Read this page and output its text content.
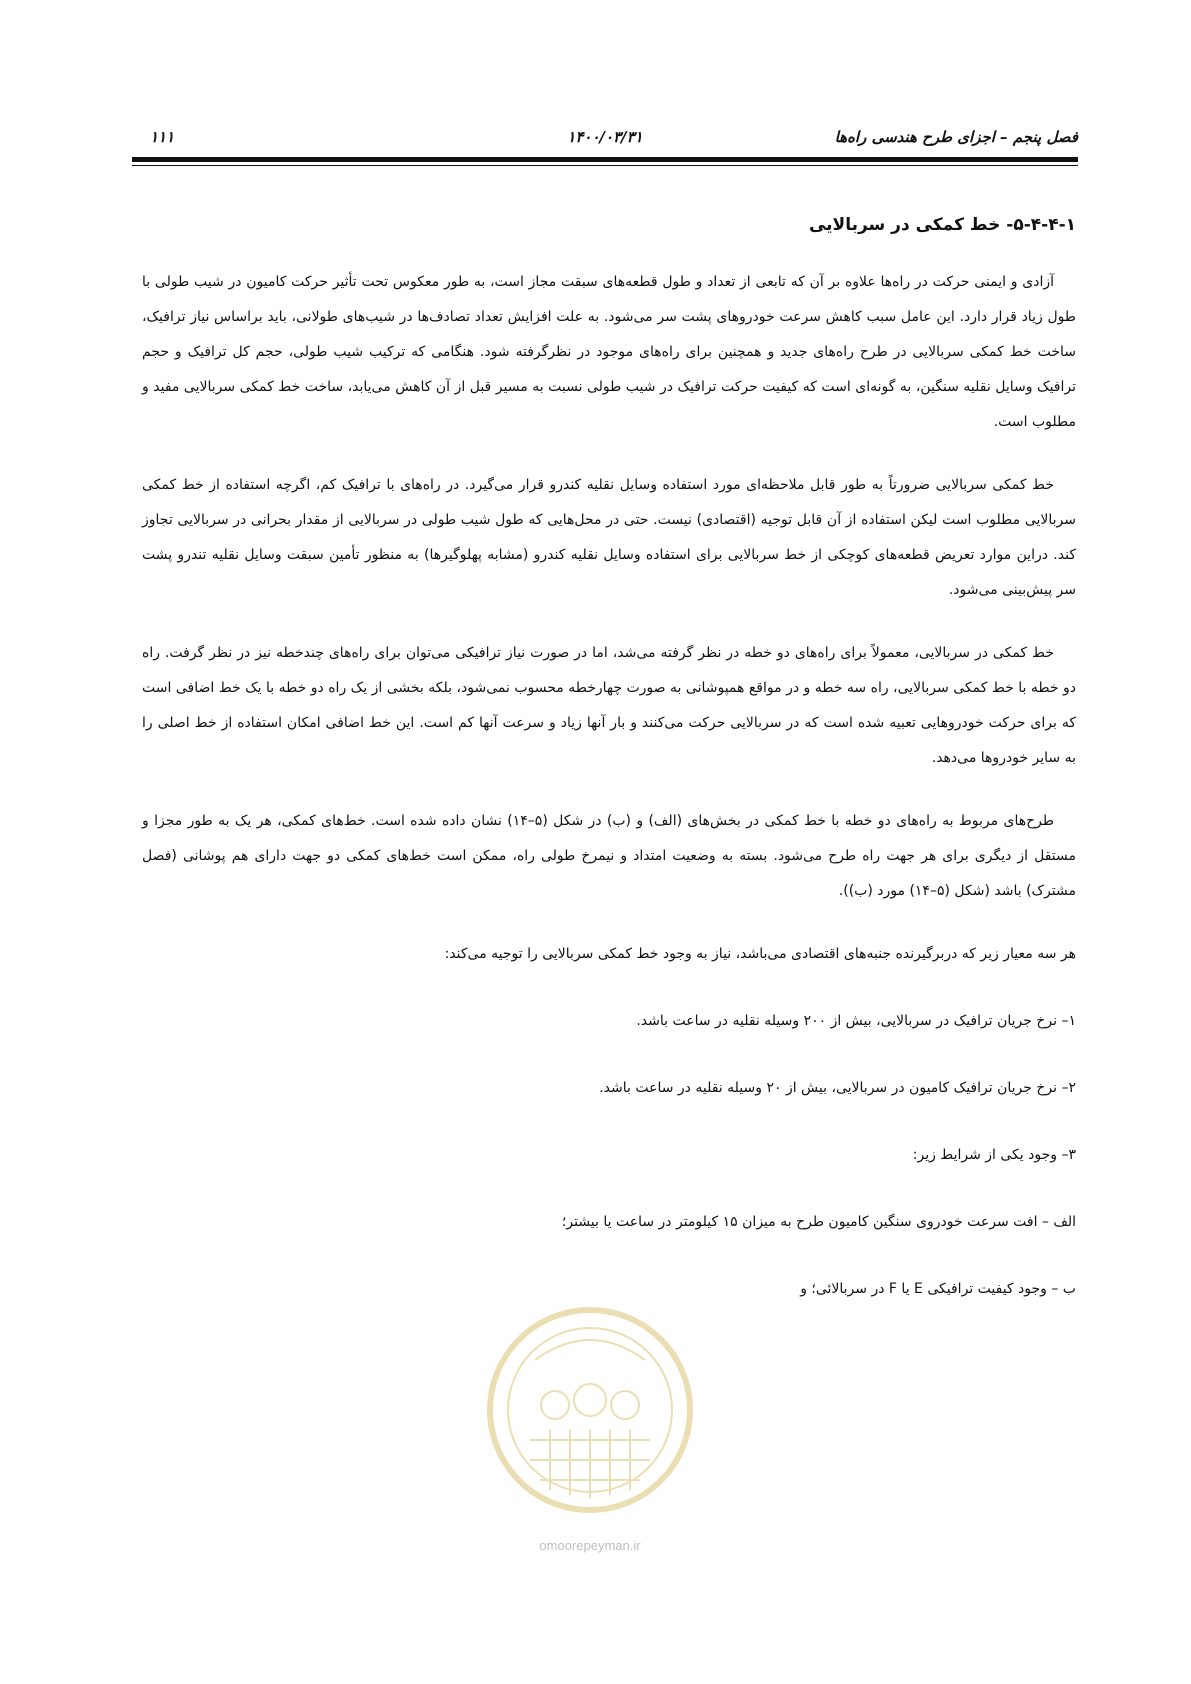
فصل پنجم – اجزای طرح هندسی راه‌ها
۱۴۰۰/۰۳/۳۱
۱۱۱
۵-۴-۴-۱- خط کمکی در سربالایی

آزادی و ایمنی حرکت در راه‌ها علاوه بر آن که تابعی از تعداد و طول قطعه‌های سبقت مجاز است، به طور معکوس تحت تأثیر حرکت کامیون در شیب طولی با طول زیاد قرار دارد. این عامل سبب کاهش سرعت خودروهای پشت سر می‌شود. به علت افزایش تعداد تصادف‌ها در شیب‌های طولانی، باید براساس نیاز ترافیک، ساخت خط کمکی سربالایی در طرح راه‌های جدید و همچنین برای راه‌های موجود در نظرگرفته شود. هنگامی که ترکیب شیب طولی، حجم کل ترافیک و حجم ترافیک وسایل نقلیه سنگین، به گونه‌ای است که کیفیت حرکت ترافیک در شیب طولی نسبت به مسیر قبل از آن کاهش می‌یابد، ساخت خط کمکی سربالایی مفید و مطلوب است.

خط کمکی سربالایی ضرورتاً به طور قابل ملاحظه‌ای مورد استفاده وسایل نقلیه کندرو قرار می‌گیرد. در راه‌های با ترافیک کم، اگرچه استفاده از خط کمکی سربالایی مطلوب است لیکن استفاده از آن قابل توجیه (اقتصادی) نیست. حتی در محل‌هایی که طول شیب طولی در سربالایی از مقدار بحرانی در سربالایی تجاوز کند. دراین موارد تعریض قطعه‌های کوچکی از خط سربالایی برای استفاده وسایل نقلیه کندرو (مشابه پهلوگیرها) به منظور تأمین سبقت وسایل نقلیه تندرو پشت سر پیش‌بینی می‌شود.

خط کمکی در سربالایی، معمولاً برای راه‌های دو خطه در نظر گرفته می‌شد، اما در صورت نیاز ترافیکی می‌توان برای راه‌های چندخطه نیز در نظر گرفت. راه دو خطه با خط کمکی سربالایی، راه سه خطه و در مواقع همپوشانی به صورت چهارخطه محسوب نمی‌شود، بلکه بخشی از یک راه دو خطه با یک خط اضافی است که برای حرکت خودروهایی تعبیه شده است که در سربالایی حرکت می‌کنند و بار آنها زیاد و سرعت آنها کم است. این خط اضافی امکان استفاده از خط اصلی را به سایر خودروها می‌دهد.

طرح‌های مربوط به راه‌های دو خطه با خط کمکی در بخش‌های (الف) و (ب) در شکل (۵–۱۴) نشان داده شده است. خط‌های کمکی، هر یک به طور مجزا و مستقل از دیگری برای هر جهت راه طرح می‌شود. بسته به وضعیت امتداد و نیمرخ طولی راه، ممکن است خط‌های کمکی دو جهت دارای هم پوشانی (فصل مشترک) باشد (شکل (۵–۱۴) مورد (ب)).

هر سه معیار زیر که دربرگیرنده جنبه‌های اقتصادی می‌باشد، نیاز به وجود خط کمکی سربالایی را توجیه می‌کند:

۱– نرخ جریان ترافیک در سربالایی، بیش از ۲۰۰ وسیله نقلیه در ساعت باشد.
۲– نرخ جریان ترافیک کامیون در سربالایی، بیش از ۲۰ وسیله نقلیه در ساعت باشد.
۳– وجود یکی از شرایط زیر:
الف – افت سرعت خودروی سنگین کامیون طرح به میزان ۱۵ کیلومتر در ساعت یا بیشتر؛
ب – وجود کیفیت ترافیکی E یا F در سربالائی؛ و
omoorepeyman.ir
